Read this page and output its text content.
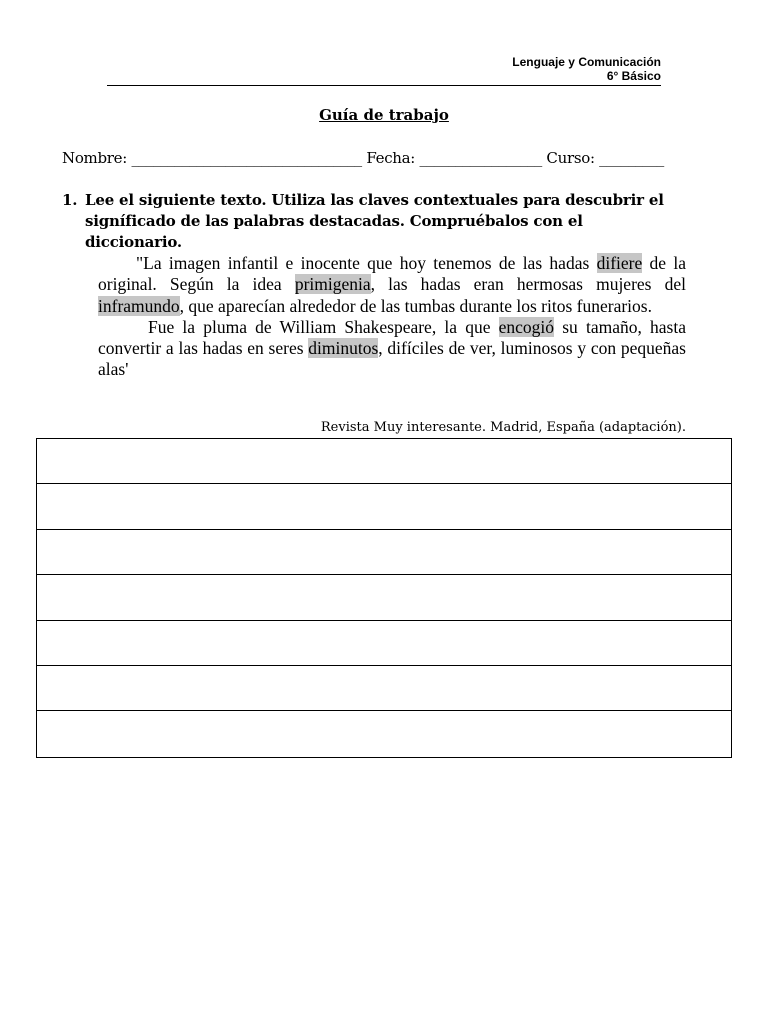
Lenguaje y Comunicación
6° Básico
Guía de trabajo
Nombre: ________________________________ Fecha: _________________ Curso: _________
1. Lee el siguiente texto. Utiliza las claves contextuales para descubrir el signíficado de las palabras destacadas. Compruébalos con el diccionario.

"La imagen infantil e inocente que hoy tenemos de las hadas difiere de la original. Según la idea primigenia, las hadas eran hermosas mujeres del inframundo, que aparecían alrededor de las tumbas durante los ritos funerarios.

Fue la pluma de William Shakespeare, la que encogió su tamaño, hasta convertir a las hadas en seres diminutos, difíciles de ver, luminosos y con pequeñas alas'

Revista Muy interesante. Madrid, España (adaptación).
